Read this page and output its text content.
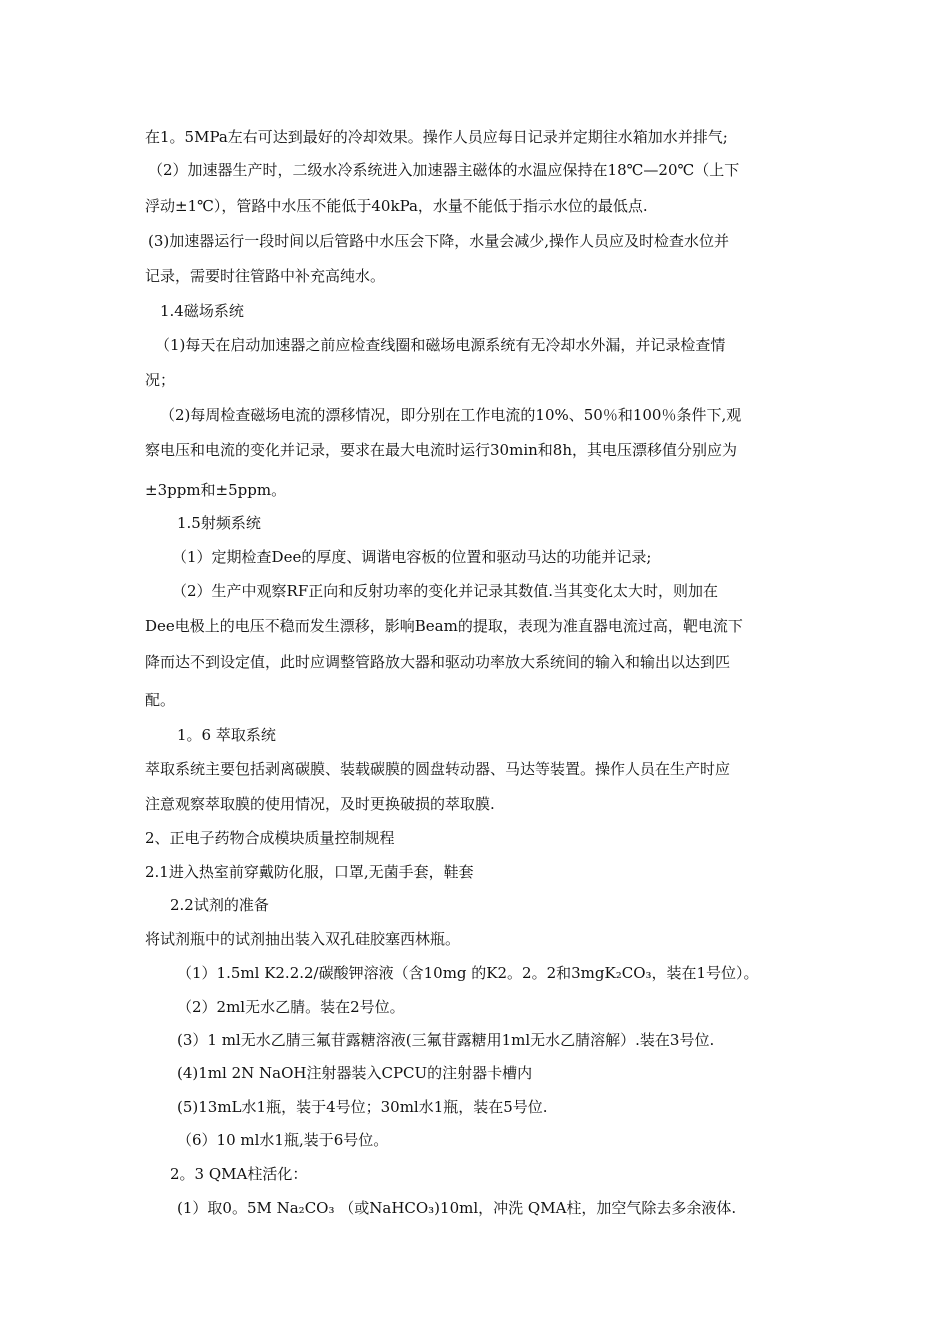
在1。5MPa左右可达到最好的冷却效果。操作人员应每日记录并定期往水箱加水并排气;
（2）加速器生产时，二级水冷系统进入加速器主磁体的水温应保持在18℃—20℃（上下
浮动±1℃），管路中水压不能低于40kPa，水量不能低于指示水位的最低点.
(3)加速器运行一段时间以后管路中水压会下降，水量会减少,操作人员应及时检查水位并
记录，需要时往管路中补充高纯水。
1.4磁场系统
（1)每天在启动加速器之前应检查线圈和磁场电源系统有无冷却水外漏，并记录检查情
况；
（2)每周检查磁场电流的漂移情况，即分别在工作电流的10%、50％和100％条件下,观
察电压和电流的变化并记录，要求在最大电流时运行30min和8h，其电压漂移值分别应为
±3ppm和±5ppm。
1.5射频系统
（1）定期检查Dee的厚度、调谐电容板的位置和驱动马达的功能并记录;
（2）生产中观察RF正向和反射功率的变化并记录其数值.当其变化太大时，则加在
Dee电极上的电压不稳而发生漂移，影响Beam的提取，表现为准直器电流过高，靶电流下
降而达不到设定值，此时应调整管路放大器和驱动功率放大系统间的输入和输出以达到匹
配。
1。6 萃取系统
萃取系统主要包括剥离碳膜、装载碳膜的圆盘转动器、马达等装置。操作人员在生产时应
注意观察萃取膜的使用情况，及时更换破损的萃取膜.
2、正电子药物合成模块质量控制规程
2.1进入热室前穿戴防化服，口罩,无菌手套，鞋套
2.2试剂的准备
将试剂瓶中的试剂抽出装入双孔硅胶塞西林瓶。
（1）1.5ml K2.2.2/碳酸钾溶液（含10mg 的K2。2。2和3mgK₂CO₃，装在1号位）。
（2）2ml无水乙腈。装在2号位。
(3）1 ml无水乙腈三氟苷露糖溶液(三氟苷露糖用1ml无水乙腈溶解）.装在3号位.
(4)1ml 2N NaOH注射器装入CPCU的注射器卡槽内
(5)13mL水1瓶，装于4号位；30ml水1瓶，装在5号位.
（6）10 ml水1瓶,装于6号位。
2。3 QMA柱活化：
(1）取0。5M Na₂CO₃ （或NaHCO₃)10ml，冲洗 QMA柱，加空气除去多余液体.
